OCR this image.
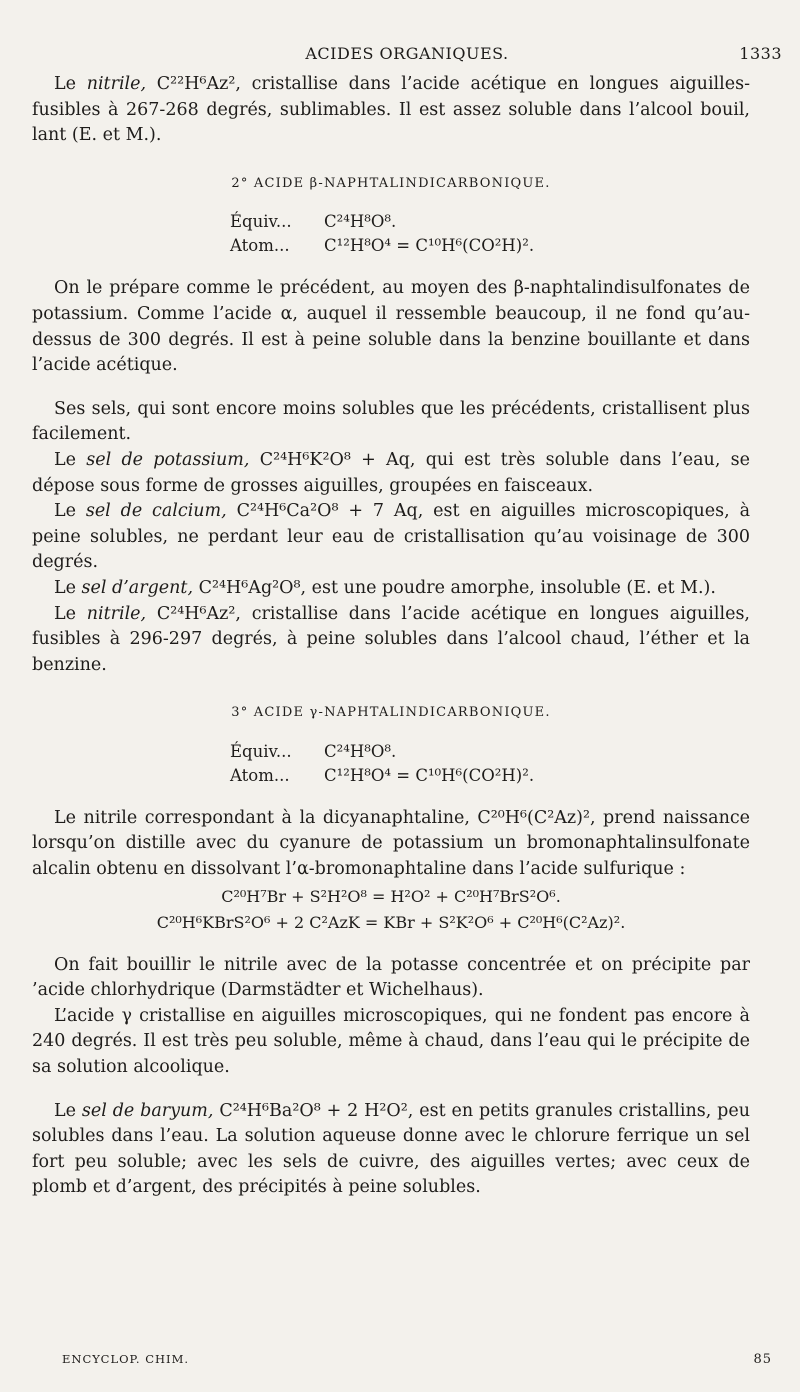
ACIDES ORGANIQUES.	1333

Le nitrile, C²²H⁶Az², cristallise dans l’acide acétique en longues aiguilles-fusibles à 267-268 degrés, sublimables. Il est assez soluble dans l’alcool bouil, lant (E. et M.).

2° ACIDE β-NAPHTALINDICARBONIQUE.

Équiv... C²⁴H⁸O⁸.

Atom... C¹²H⁸O⁴ = C¹⁰H⁶(CO²H)².

On le prépare comme le précédent, au moyen des β-naphtalindisulfonates de potassium. Comme l’acide α, auquel il ressemble beaucoup, il ne fond qu’au-dessus de 300 degrés. Il est à peine soluble dans la benzine bouillante et dans l’acide acétique.

Ses sels, qui sont encore moins solubles que les précédents, cristallisent plus facilement.

Le sel de potassium, C²⁴H⁶K²O⁸ + Aq, qui est très soluble dans l’eau, se dépose sous forme de grosses aiguilles, groupées en faisceaux.

Le sel de calcium, C²⁴H⁶Ca²O⁸ + 7 Aq, est en aiguilles microscopiques, à peine solubles, ne perdant leur eau de cristallisation qu’au voisinage de 300 degrés.

Le sel d’argent, C²⁴H⁶Ag²O⁸, est une poudre amorphe, insoluble (E. et M.).

Le nitrile, C²⁴H⁶Az², cristallise dans l’acide acétique en longues aiguilles, fusibles à 296-297 degrés, à peine solubles dans l’alcool chaud, l’éther et la benzine.

3° ACIDE γ-NAPHTALINDICARBONIQUE.

Équiv... C²⁴H⁸O⁸.

Atom... C¹²H⁸O⁴ = C¹⁰H⁶(CO²H)².

Le nitrile correspondant à la dicyanaphtaline, C²⁰H⁶(C²Az)², prend naissance lorsqu’on distille avec du cyanure de potassium un bromonaphtalinsulfonate alcalin obtenu en dissolvant l’α-bromonaphtaline dans l’acide sulfurique :

C²⁰H⁷Br + S²H²O⁸ = H²O² + C²⁰H⁷BrS²O⁶.

C²⁰H⁶KBrS²O⁶ + 2 C²AzK = KBr + S²K²O⁶ + C²⁰H⁶(C²Az)².

On fait bouillir le nitrile avec de la potasse concentrée et on précipite par ’acide chlorhydrique (Darmstädter et Wichelhaus).

L’acide γ cristallise en aiguilles microscopiques, qui ne fondent pas encore à 240 degrés. Il est très peu soluble, même à chaud, dans l’eau qui le précipite de sa solution alcoolique.

Le sel de baryum, C²⁴H⁶Ba²O⁸ + 2 H²O², est en petits granules cristallins, peu solubles dans l’eau. La solution aqueuse donne avec le chlorure ferrique un sel fort peu soluble; avec les sels de cuivre, des aiguilles vertes; avec ceux de plomb et d’argent, des précipités à peine solubles.

ENCYCLOP. CHIM.	85
